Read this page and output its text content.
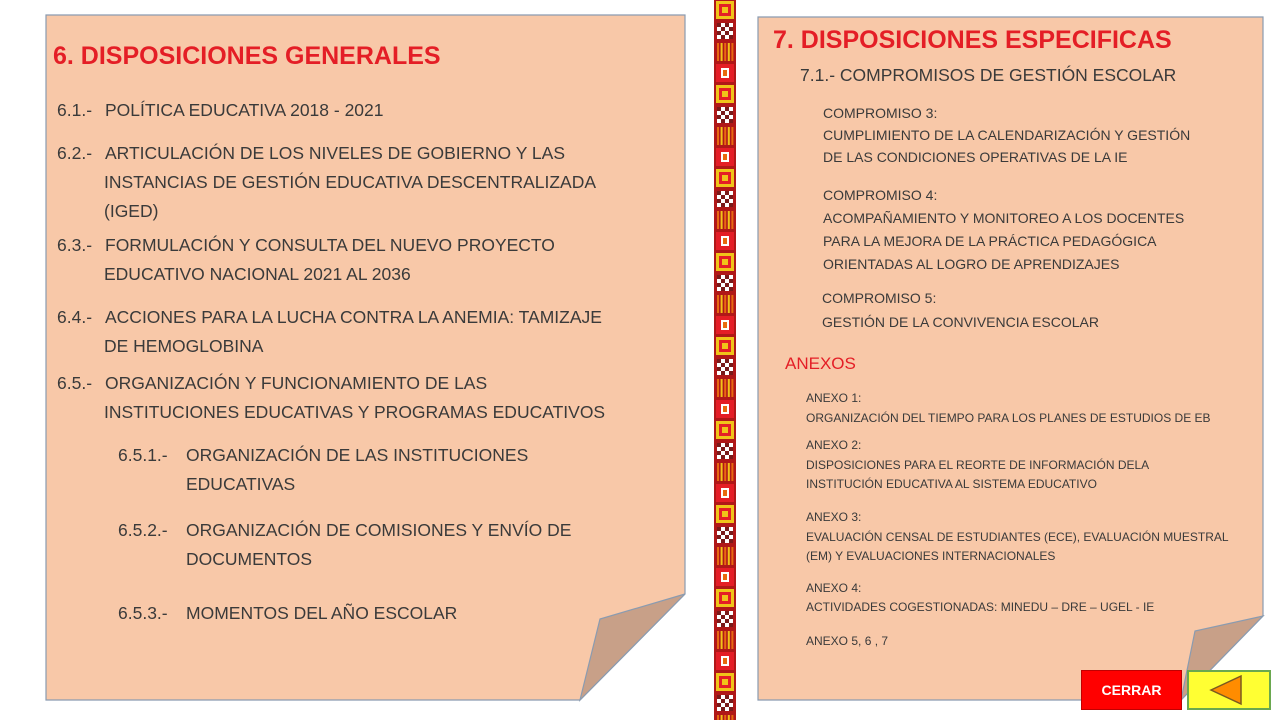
6. DISPOSICIONES GENERALES
6.1.- POLÍTICA EDUCATIVA 2018 - 2021
6.2.- ARTICULACIÓN DE LOS NIVELES DE GOBIERNO Y LAS
INSTANCIAS DE GESTIÓN EDUCATIVA DESCENTRALIZADA
(IGED)
6.3.- FORMULACIÓN Y CONSULTA DEL NUEVO PROYECTO
EDUCATIVO NACIONAL 2021 AL 2036
6.4.- ACCIONES PARA LA LUCHA CONTRA LA ANEMIA: TAMIZAJE
DE HEMOGLOBINA
6.5.- ORGANIZACIÓN Y FUNCIONAMIENTO DE LAS
INSTITUCIONES EDUCATIVAS Y PROGRAMAS EDUCATIVOS
6.5.1.- ORGANIZACIÓN DE LAS INSTITUCIONES
EDUCATIVAS
6.5.2.- ORGANIZACIÓN DE COMISIONES Y ENVÍO DE
DOCUMENTOS
6.5.3.- MOMENTOS DEL AÑO ESCOLAR
7. DISPOSICIONES ESPECIFICAS
7.1.- COMPROMISOS DE GESTIÓN ESCOLAR
COMPROMISO 3:
CUMPLIMIENTO DE LA CALENDARIZACIÓN Y GESTIÓN
DE LAS CONDICIONES OPERATIVAS DE LA IE
COMPROMISO 4:
ACOMPAÑAMIENTO Y MONITOREO A LOS DOCENTES
PARA LA MEJORA DE LA PRÁCTICA PEDAGÓGICA
ORIENTADAS AL LOGRO DE APRENDIZAJES
COMPROMISO 5:
GESTIÓN DE LA CONVIVENCIA ESCOLAR
ANEXOS
ANEXO 1:
ORGANIZACIÓN DEL TIEMPO PARA LOS PLANES DE ESTUDIOS DE EB
ANEXO 2:
DISPOSICIONES PARA EL REORTE DE INFORMACIÓN DELA
INSTITUCIÓN EDUCATIVA AL SISTEMA EDUCATIVO
ANEXO 3:
EVALUACIÓN CENSAL DE ESTUDIANTES (ECE), EVALUACIÓN MUESTRAL
(EM) Y EVALUACIONES INTERNACIONALES
ANEXO 4:
ACTIVIDADES COGESTIONADAS: MINEDU – DRE – UGEL - IE
ANEXO 5, 6 , 7
CERRAR
